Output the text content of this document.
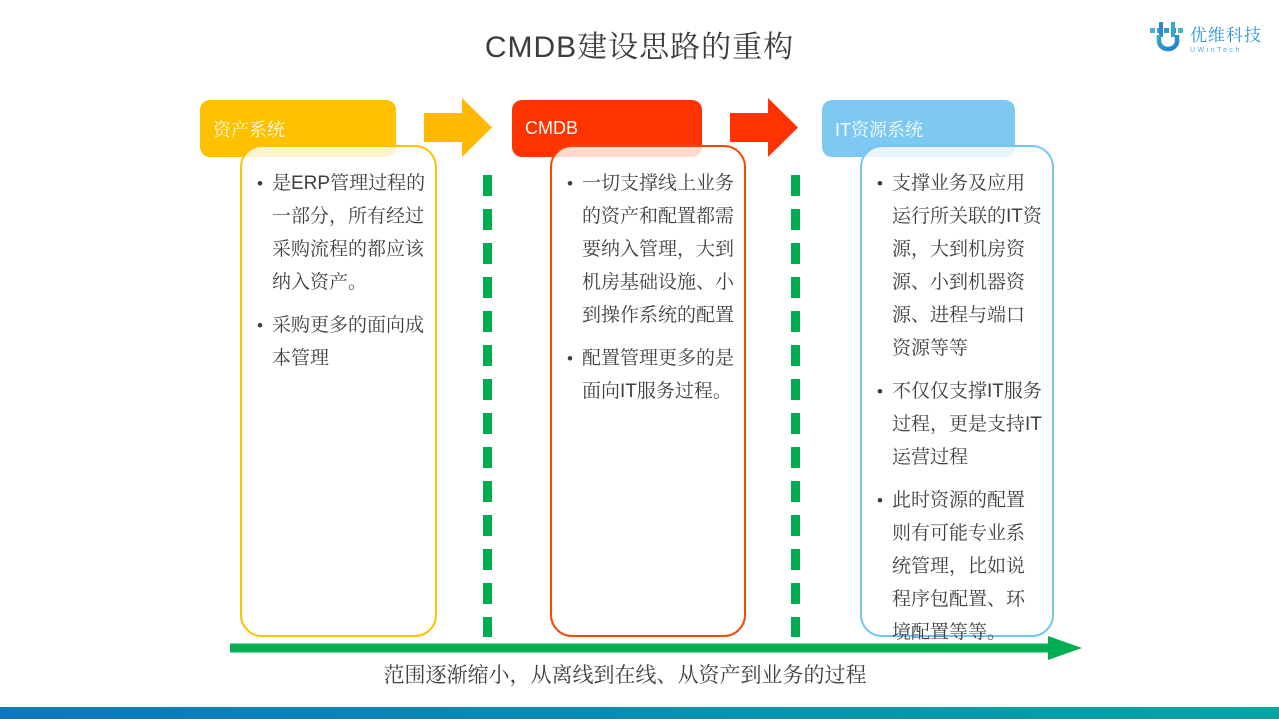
CMDB建设思路的重构	优维科技
UWinTech
资产系统	CMDB	IT资源系统
• 是ERP管理过程的一部分，所有经过采购流程的都应该纳入资产。
• 采购更多的面向成本管理
• 一切支撑线上业务的资产和配置都需要纳入管理，大到机房基础设施、小到操作系统的配置
• 配置管理更多的是面向IT服务过程。
• 支撑业务及应用运行所关联的IT资源，大到机房资源、小到机器资源、进程与端口资源等等
• 不仅仅支撑IT服务过程，更是支持IT运营过程
• 此时资源的配置则有可能专业系统管理，比如说程序包配置、环境配置等等。
范围逐渐缩小，从离线到在线、从资产到业务的过程
